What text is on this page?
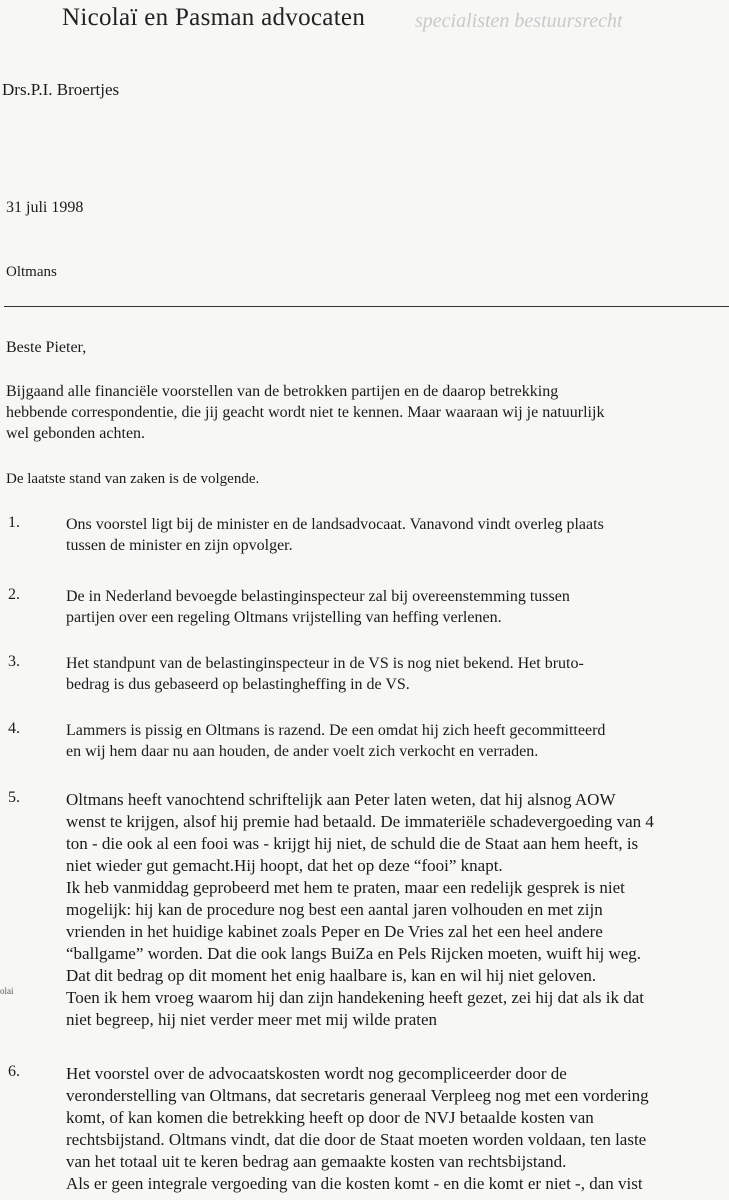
Nicolaï en Pasman advocaten specialisten bestuursrecht
Drs.P.I. Broertjes
31 juli 1998
Oltmans
Beste Pieter,
Bijgaand alle financiële voorstellen van de betrokken partijen en de daarop betrekking
hebbende correspondentie, die jij geacht wordt niet te kennen. Maar waaraan wij je natuurlijk
wel gebonden achten.
De laatste stand van zaken is de volgende.
1.	Ons voorstel ligt bij de minister en de landsadvocaat. Vanavond vindt overleg plaats
tussen de minister en zijn opvolger.
2.	De in Nederland bevoegde belastinginspecteur zal bij overeenstemming tussen
partijen over een regeling Oltmans vrijstelling van heffing verlenen.
3.	Het standpunt van de belastinginspecteur in de VS is nog niet bekend. Het bruto-
bedrag is dus gebaseerd op belastingheffing in de VS.
4.	Lammers is pissig en Oltmans is razend. De een omdat hij zich heeft gecommitteerd
en wij hem daar nu aan houden, de ander voelt zich verkocht en verraden.
5.	Oltmans heeft vanochtend schriftelijk aan Peter laten weten, dat hij alsnog AOW
wenst te krijgen, alsof hij premie had betaald. De immateriële schadevergoeding van 4
ton - die ook al een fooi was - krijgt hij niet, de schuld die de Staat aan hem heeft, is
niet wieder gut gemacht.Hij hoopt, dat het op deze “fooi” knapt.
Ik heb vanmiddag geprobeerd met hem te praten, maar een redelijk gesprek is niet
mogelijk: hij kan de procedure nog best een aantal jaren volhouden en met zijn
vrienden in het huidige kabinet zoals Peper en De Vries zal het een heel andere
“ballgame” worden. Dat die ook langs BuiZa en Pels Rijcken moeten, wuift hij weg.
Dat dit bedrag op dit moment het enig haalbare is, kan en wil hij niet geloven.
Toen ik hem vroeg waarom hij dan zijn handekening heeft gezet, zei hij dat als ik dat
niet begreep, hij niet verder meer met mij wilde praten
olai
6.	Het voorstel over de advocaatskosten wordt nog gecompliceerder door de
veronderstelling van Oltmans, dat secretaris generaal Verpleeg nog met een vordering
komt, of kan komen die betrekking heeft op door de NVJ betaalde kosten van
rechtsbijstand. Oltmans vindt, dat die door de Staat moeten worden voldaan, ten laste
van het totaal uit te keren bedrag aan gemaakte kosten van rechtsbijstand.
Als er geen integrale vergoeding van die kosten komt - en die komt er niet -, dan vist
